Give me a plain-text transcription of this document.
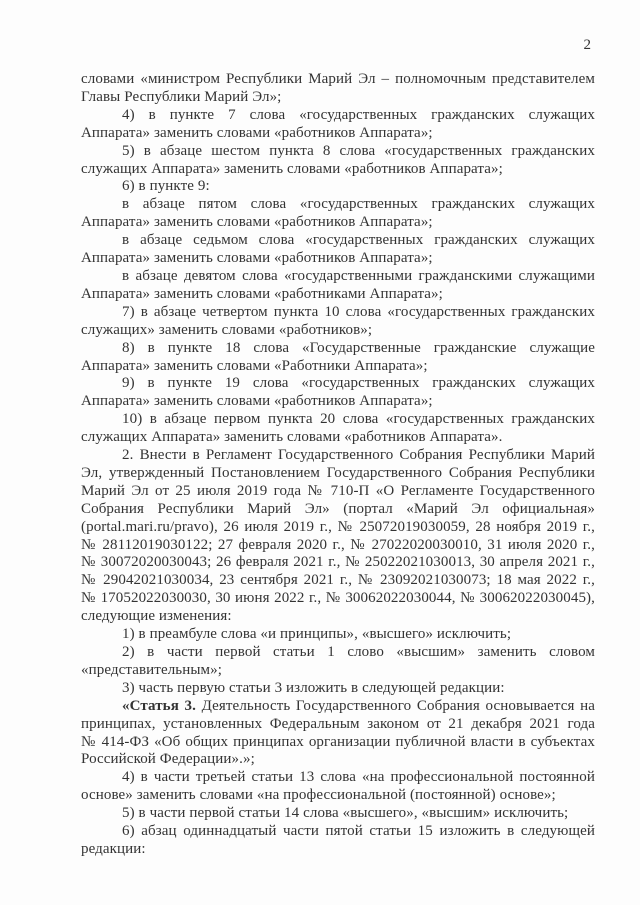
2

словами «министром Республики Марий Эл – полномочным представителем Главы Республики Марий Эл»;

4) в пункте 7 слова «государственных гражданских служащих Аппарата» заменить словами «работников Аппарата»;

5) в абзаце шестом пункта 8 слова «государственных гражданских служащих Аппарата» заменить словами «работников Аппарата»;

6) в пункте 9:

в абзаце пятом слова «государственных гражданских служащих Аппарата» заменить словами «работников Аппарата»;

в абзаце седьмом слова «государственных гражданских служащих Аппарата» заменить словами «работников Аппарата»;

в абзаце девятом слова «государственными гражданскими служащими Аппарата» заменить словами «работниками Аппарата»;

7) в абзаце четвертом пункта 10 слова «государственных гражданских служащих» заменить словами «работников»;

8) в пункте 18 слова «Государственные гражданские служащие Аппарата» заменить словами «Работники Аппарата»;

9) в пункте 19 слова «государственных гражданских служащих Аппарата» заменить словами «работников Аппарата»;

10) в абзаце первом пункта 20 слова «государственных гражданских служащих Аппарата» заменить словами «работников Аппарата».

2. Внести в Регламент Государственного Собрания Республики Марий Эл, утвержденный Постановлением Государственного Собрания Республики Марий Эл от 25 июля 2019 года № 710-П «О Регламенте Государственного Собрания Республики Марий Эл» (портал «Марий Эл официальная» (portal.mari.ru/pravo), 26 июля 2019 г., № 25072019030059, 28 ноября 2019 г., № 28112019030122; 27 февраля 2020 г., № 27022020030010, 31 июля 2020 г., № 30072020030043; 26 февраля 2021 г., № 25022021030013, 30 апреля 2021 г., № 29042021030034, 23 сентября 2021 г., № 23092021030073; 18 мая 2022 г., № 17052022030030, 30 июня 2022 г., № 30062022030044, № 30062022030045), следующие изменения:

1) в преамбуле слова «и принципы», «высшего» исключить;

2) в части первой статьи 1 слово «высшим» заменить словом «представительным»;

3) часть первую статьи 3 изложить в следующей редакции:

«Статья 3. Деятельность Государственного Собрания основывается на принципах, установленных Федеральным законом от 21 декабря 2021 года № 414-ФЗ «Об общих принципах организации публичной власти в субъектах Российской Федерации».»;

4) в части третьей статьи 13 слова «на профессиональной постоянной основе» заменить словами «на профессиональной (постоянной) основе»;

5) в части первой статьи 14 слова «высшего», «высшим» исключить;

6) абзац одиннадцатый части пятой статьи 15 изложить в следующей редакции:
